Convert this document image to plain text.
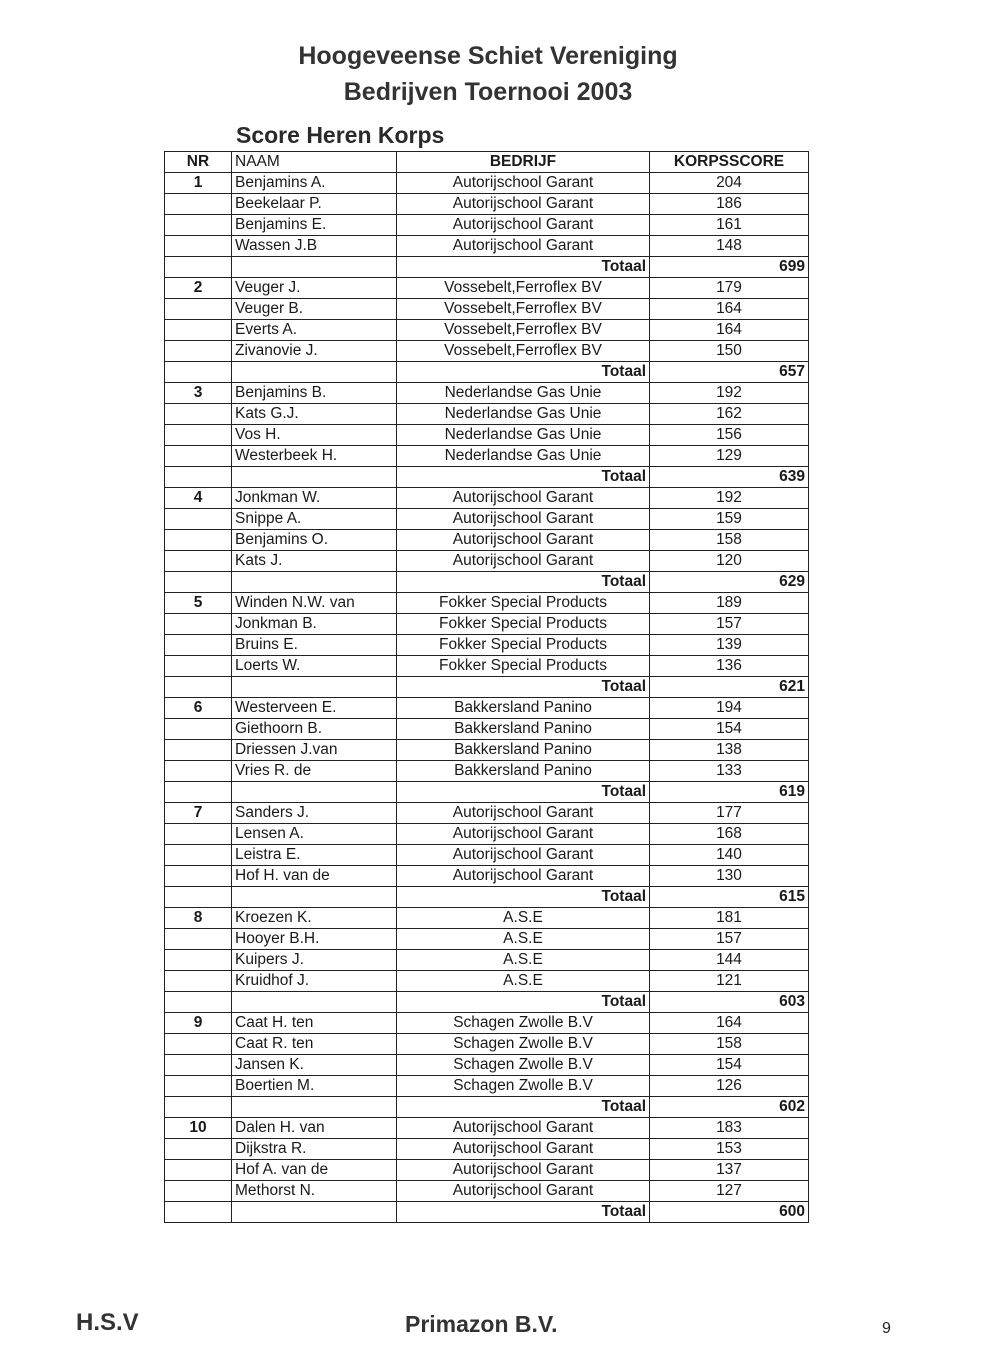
Hoogeveense Schiet Vereniging
Bedrijven Toernooi 2003
Score Heren Korps
NR	NAAM	BEDRIJF	KORPSSCORE
1	Benjamins A.	Autorijschool Garant	204
	Beekelaar P.	Autorijschool Garant	186
	Benjamins E.	Autorijschool Garant	161
	Wassen J.B	Autorijschool Garant	148
		Totaal	699
2	Veuger J.	Vossebelt,Ferroflex BV	179
	Veuger B.	Vossebelt,Ferroflex BV	164
	Everts A.	Vossebelt,Ferroflex BV	164
	Zivanovie J.	Vossebelt,Ferroflex BV	150
		Totaal	657
3	Benjamins B.	Nederlandse Gas Unie	192
	Kats G.J.	Nederlandse Gas Unie	162
	Vos H.	Nederlandse Gas Unie	156
	Westerbeek H.	Nederlandse Gas Unie	129
		Totaal	639
4	Jonkman W.	Autorijschool Garant	192
	Snippe A.	Autorijschool Garant	159
	Benjamins O.	Autorijschool Garant	158
	Kats J.	Autorijschool Garant	120
		Totaal	629
5	Winden N.W. van	Fokker Special Products	189
	Jonkman B.	Fokker Special Products	157
	Bruins E.	Fokker Special Products	139
	Loerts W.	Fokker Special Products	136
		Totaal	621
6	Westerveen E.	Bakkersland Panino	194
	Giethoorn B.	Bakkersland Panino	154
	Driessen J.van	Bakkersland Panino	138
	Vries R. de	Bakkersland Panino	133
		Totaal	619
7	Sanders J.	Autorijschool Garant	177
	Lensen A.	Autorijschool Garant	168
	Leistra E.	Autorijschool Garant	140
	Hof H. van de	Autorijschool Garant	130
		Totaal	615
8	Kroezen K.	A.S.E	181
	Hooyer B.H.	A.S.E	157
	Kuipers J.	A.S.E	144
	Kruidhof J.	A.S.E	121
		Totaal	603
9	Caat H. ten	Schagen Zwolle B.V	164
	Caat R. ten	Schagen Zwolle B.V	158
	Jansen K.	Schagen Zwolle B.V	154
	Boertien M.	Schagen Zwolle B.V	126
		Totaal	602
10	Dalen H. van	Autorijschool Garant	183
	Dijkstra R.	Autorijschool Garant	153
	Hof A. van de	Autorijschool Garant	137
	Methorst N.	Autorijschool Garant	127
		Totaal	600
H.S.V	Primazon B.V.	9
